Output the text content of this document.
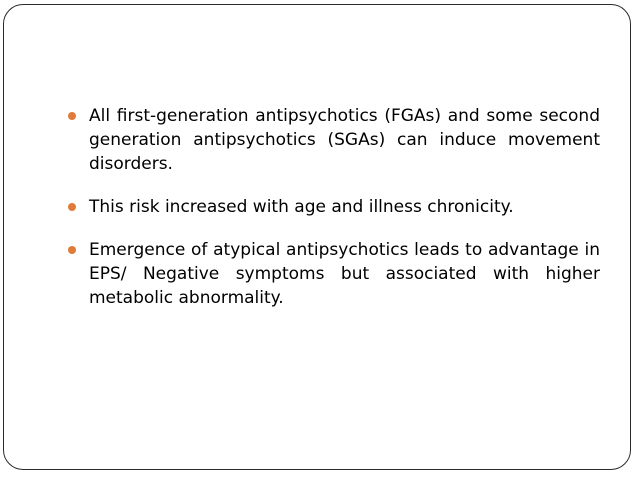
All first-generation antipsychotics (FGAs) and some second generation antipsychotics (SGAs) can induce movement disorders.
This risk increased with age and illness chronicity.
Emergence of atypical antipsychotics leads to advantage in EPS/ Negative symptoms but associated with higher metabolic abnormality.
